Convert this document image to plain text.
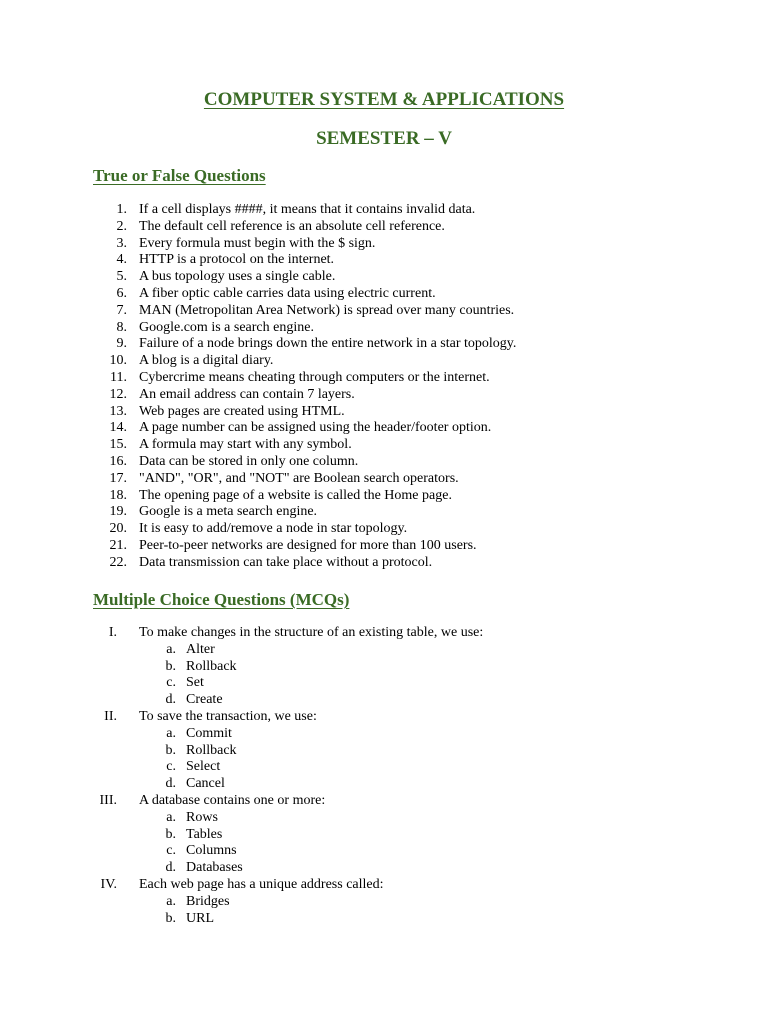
COMPUTER SYSTEM & APPLICATIONS
SEMESTER – V
True or False Questions
1. If a cell displays ####, it means that it contains invalid data.
2. The default cell reference is an absolute cell reference.
3. Every formula must begin with the $ sign.
4. HTTP is a protocol on the internet.
5. A bus topology uses a single cable.
6. A fiber optic cable carries data using electric current.
7. MAN (Metropolitan Area Network) is spread over many countries.
8. Google.com is a search engine.
9. Failure of a node brings down the entire network in a star topology.
10. A blog is a digital diary.
11. Cybercrime means cheating through computers or the internet.
12. An email address can contain 7 layers.
13. Web pages are created using HTML.
14. A page number can be assigned using the header/footer option.
15. A formula may start with any symbol.
16. Data can be stored in only one column.
17. "AND", "OR", and "NOT" are Boolean search operators.
18. The opening page of a website is called the Home page.
19. Google is a meta search engine.
20. It is easy to add/remove a node in star topology.
21. Peer-to-peer networks are designed for more than 100 users.
22. Data transmission can take place without a protocol.
Multiple Choice Questions (MCQs)
I. To make changes in the structure of an existing table, we use:
a. Alter
b. Rollback
c. Set
d. Create
II. To save the transaction, we use:
a. Commit
b. Rollback
c. Select
d. Cancel
III. A database contains one or more:
a. Rows
b. Tables
c. Columns
d. Databases
IV. Each web page has a unique address called:
a. Bridges
b. URL
